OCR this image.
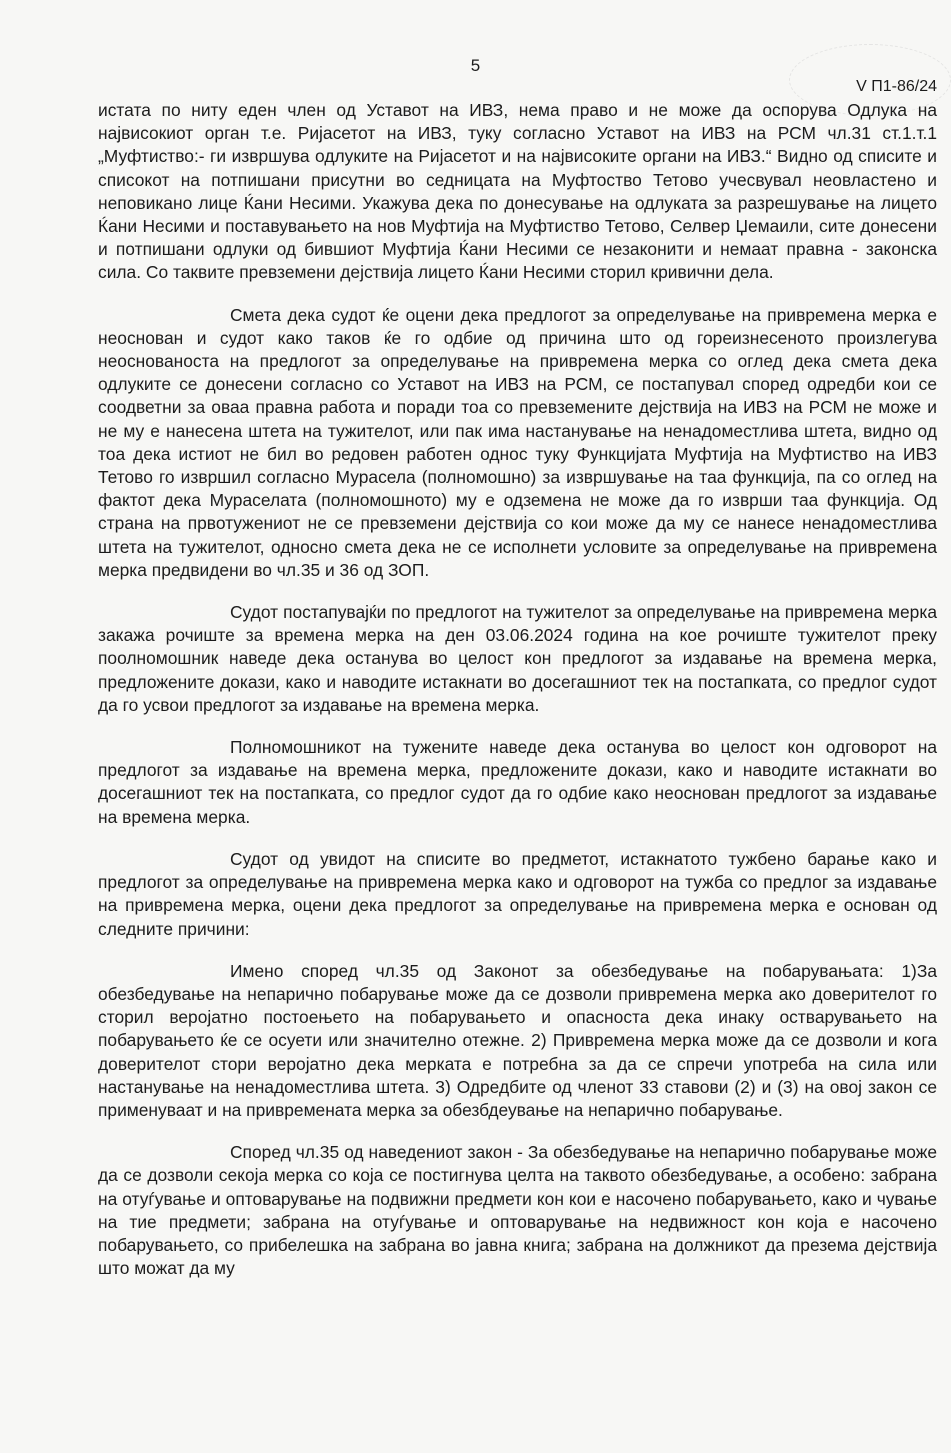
5
V П1-86/24

истата по ниту еден член од Уставот на ИВЗ, нема право и не може да оспорува Одлука на највисокиот орган т.е. Ријасетот на ИВЗ, туку согласно Уставот на ИВЗ на РСМ чл.31 ст.1.т.1 „Муфтиство:- ги извршува одлуките на Ријасетот и на највисоките органи на ИВЗ.“ Видно од списите и списокот на потпишани присутни во седницата на Муфтоство Тетово учесвувал неовластено и неповикано лице Ќани Несими. Укажува дека по донесување на одлуката за разрешување на лицето Ќани Несими и поставувањето на нов Муфтија на Муфтиство Тетово, Селвер Џемаили, сите донесени и потпишани одлуки од бившиот Муфтија Ќани Несими се незаконити и немаат правна - законска сила. Со таквите превземени дејствија лицето Ќани Несими сторил кривични дела.

Смета дека судот ќе оцени дека предлогот за определување на привремена мерка е неоснован и судот како таков ќе го одбие од причина што од гореизнесеното произлегува неоснованоста на предлогот за определување на привремена мерка со оглед дека смета дека одлуките се донесени согласно со Уставот на ИВЗ на РСМ, се постапувал според одредби кои се соодветни за оваа правна работа и поради тоа со превземените дејствија на ИВЗ на РСМ не може и не му е нанесена штета на тужителот, или пак има настанување на ненадоместлива штета, видно од тоа дека истиот не бил во редовен работен однос туку Функцијата Муфтија на Муфтиство на ИВЗ Тетово го извршил согласно Мурасела (полномошно) за извршување на таа функција, па со оглед на фактот дека Мураселата (полномошното) му е одземена не може да го изврши таа функција. Од страна на првотужениот не се превземени дејствија со кои може да му се нанесе ненадоместлива штета на тужителот, односно смета дека не се исполнети условите за определување на привремена мерка предвидени во чл.35 и 36 од ЗОП.

Судот постапувајќи по предлогот на тужителот за определување на привремена мерка закажа рочиште за времена мерка на ден 03.06.2024 година на кое рочиште тужителот преку поолномошник наведе дека останува во целост кон предлогот за издавање на времена мерка, предложените докази, како и наводите истакнати во досегашниот тек на постапката, со предлог судот да го усвои предлогот за издавање на времена мерка.

Полномошникот на тужените наведе дека останува во целост кон одговорот на предлогот за издавање на времена мерка, предложените докази, како и наводите истакнати во досегашниот тек на постапката, со предлог судот да го одбие како неоснован предлогот за издавање на времена мерка.

Судот од увидот на списите во предметот, истакнатото тужбено барање како и предлогот за определување на привремена мерка како и одговорот на тужба со предлог за издавање на привремена мерка, оцени дека предлогот за определување на привремена мерка е основан од следните причини:

Имено според чл.35 од Законот за обезбедување на побарувањата: 1)За обезбедување на непарично побарување може да се дозволи привремена мерка ако доверителот го сторил веројатно постоењето на побарувањето и опасноста дека инаку остварувањето на побарувањето ќе се осуети или значително отежне. 2) Привремена мерка може да се дозволи и кога доверителот стори веројатно дека мерката е потребна за да се спречи употреба на сила или настанување на ненадоместлива штета. 3) Одредбите од членот 33 ставови (2) и (3) на овој закон се применуваат и на привремената мерка за обезбдеување на непарично побарување.

Според чл.35 од наведениот закон - За обезбедување на непарично побарување може да се дозволи секоја мерка со која се постигнува целта на таквото обезбедување, а особено: забрана на отуѓување и оптоварување на подвижни предмети кон кои е насочено побарувањето, како и чување на тие предмети; забрана на отуѓување и оптоварување на недвижност кон која е насочено побарувањето, со прибелешка на забрана во јавна книга; забрана на должникот да презема дејствија што можат да му
